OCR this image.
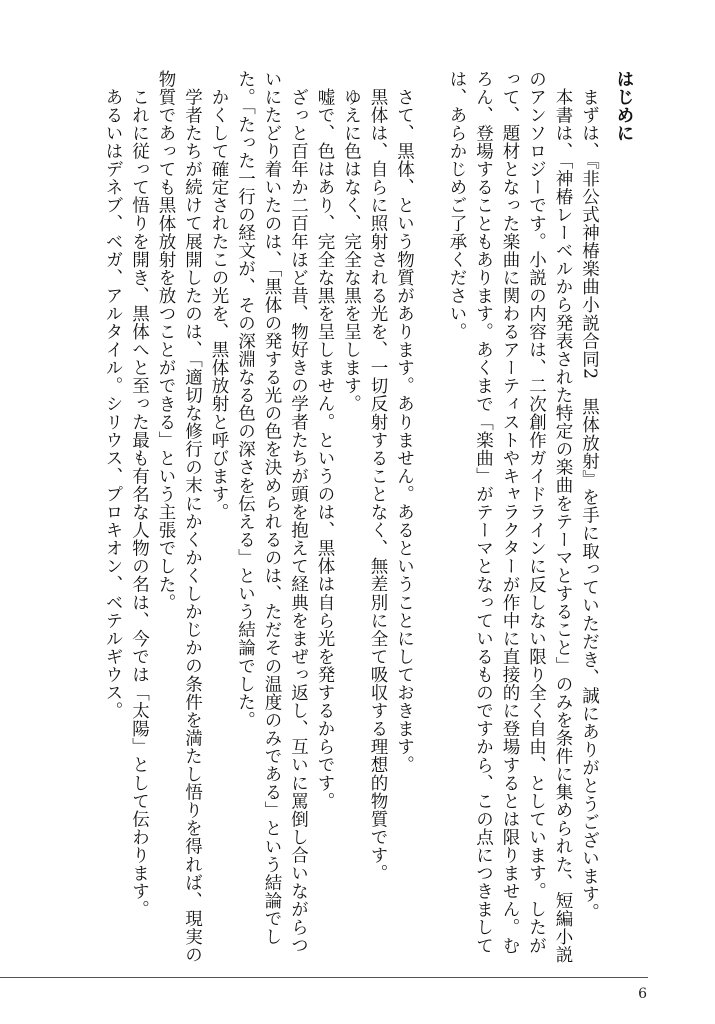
はじめに

まずは、『非公式神椿楽曲小説合同2　黒体放射』を手に取っていただき、誠にありがとうございます。

本書は、「神椿レーベルから発表された特定の楽曲をテーマとすること」のみを条件に集められた、短編小説のアンソロジーです。小説の内容は、二次創作ガイドラインに反しない限り全く自由、としています。したがって、題材となった楽曲に関わるアーティストやキャラクターが作中に直接的に登場するとは限りません。むろん、登場することもあります。あくまで「楽曲」がテーマとなっているものですから、この点につきましては、あらかじめご了承ください。

さて、黒体、という物質があります。ありません。あるということにしておきます。

黒体は、自らに照射される光を、一切反射することなく、無差別に全て吸収する理想的物質です。

ゆえに色はなく、完全な黒を呈します。

嘘で、色はあり、完全な黒を呈しません。というのは、黒体は自ら光を発するからです。

ざっと百年か二百年ほど昔、物好きの学者たちが頭を抱えて経典をまぜっ返し、互いに罵倒し合いながらついにたどり着いたのは、「黒体の発する光の色を決められるのは、ただその温度のみである」という結論でした。「たった一行の経文が、その深淵なる色の深さを伝える」という結論でした。

かくして確定されたこの光を、黒体放射と呼びます。

学者たちが続けて展開したのは、「適切な修行の末にかくかくしかじかの条件を満たし悟りを得れば、現実の物質であっても黒体放射を放つことができる」という主張でした。

これに従って悟りを開き、黒体へと至った最も有名な人物の名は、今では「太陽」として伝わります。

あるいはデネブ、ベガ、アルタイル。シリウス、プロキオン、ベテルギウス。

6
